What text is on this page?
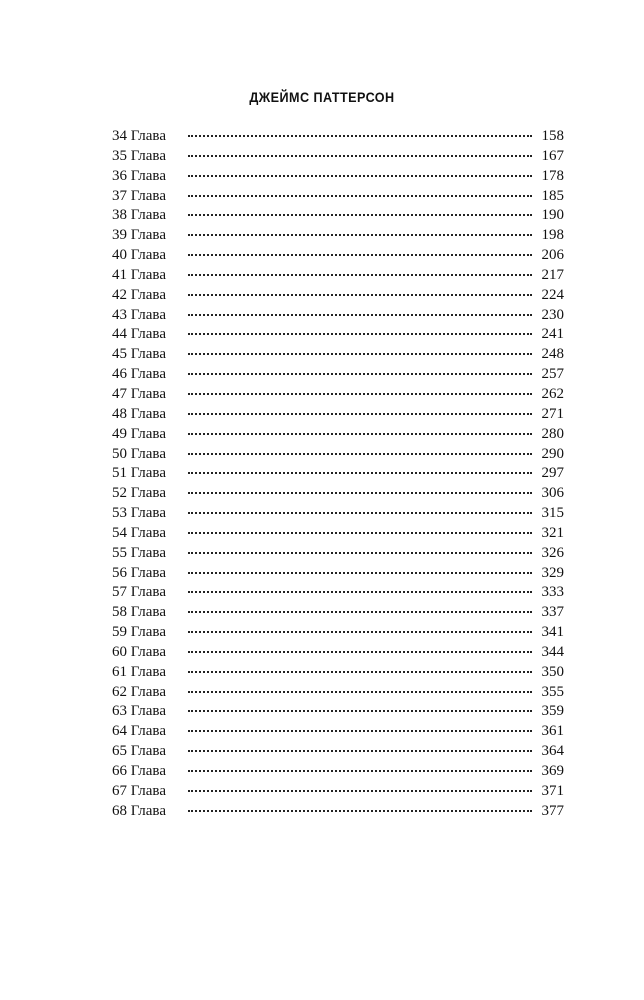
ДЖЕЙМС ПАТТЕРСОН
34 Глава	158
35 Глава	167
36 Глава	178
37 Глава	185
38 Глава	190
39 Глава	198
40 Глава	206
41 Глава	217
42 Глава	224
43 Глава	230
44 Глава	241
45 Глава	248
46 Глава	257
47 Глава	262
48 Глава	271
49 Глава	280
50 Глава	290
51 Глава	297
52 Глава	306
53 Глава	315
54 Глава	321
55 Глава	326
56 Глава	329
57 Глава	333
58 Глава	337
59 Глава	341
60 Глава	344
61 Глава	350
62 Глава	355
63 Глава	359
64 Глава	361
65 Глава	364
66 Глава	369
67 Глава	371
68 Глава	377
